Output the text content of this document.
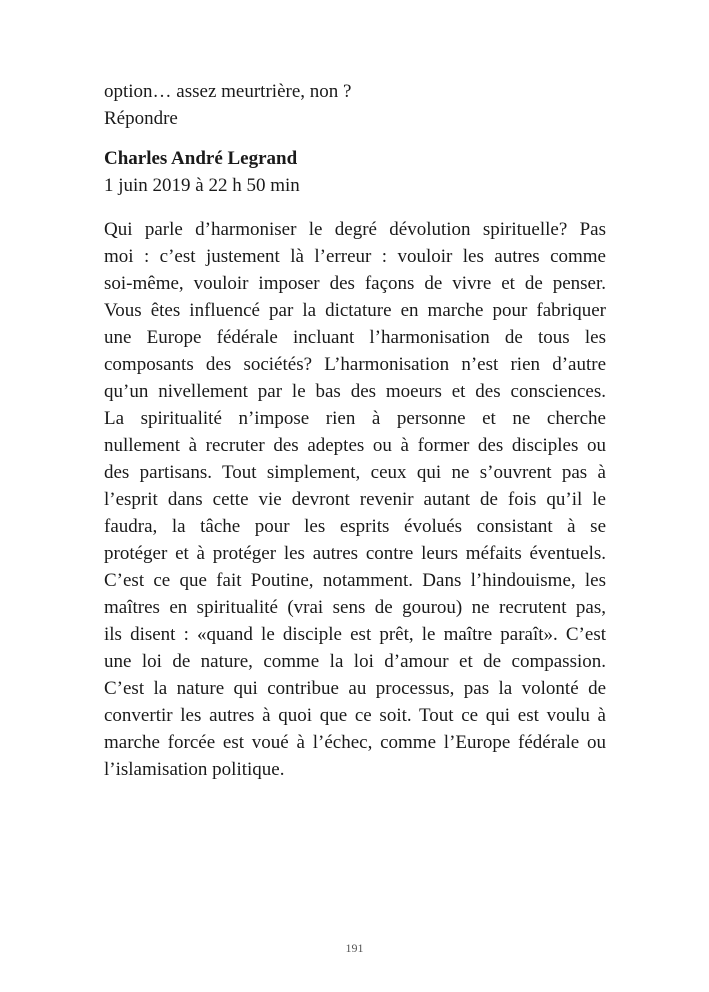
option… assez meurtrière, non ?
Répondre
Charles André Legrand
1 juin 2019 à 22 h 50 min
Qui parle d’harmoniser le degré dévolution spirituelle? Pas
moi : c’est justement là l’erreur : vouloir les autres comme
soi-même, vouloir imposer des façons de vivre et de penser.
Vous êtes influencé par la dictature en marche pour fabriquer
une Europe fédérale incluant l’harmonisation de tous les
composants des sociétés? L’harmonisation n’est rien d’autre
qu’un nivellement par le bas des moeurs et des consciences.
La spiritualité n’impose rien à personne et ne cherche
nullement à recruter des adeptes ou à former des disciples ou
des partisans. Tout simplement, ceux qui ne s’ouvrent pas à
l’esprit dans cette vie devront revenir autant de fois qu’il le
faudra, la tâche pour les esprits évolués consistant à se
protéger et à protéger les autres contre leurs méfaits éventuels.
C’est ce que fait Poutine, notamment. Dans l’hindouisme, les
maîtres en spiritualité (vrai sens de gourou) ne recrutent pas,
ils disent : «quand le disciple est prêt, le maître paraît». C’est
une loi de nature, comme la loi d’amour et de compassion.
C’est la nature qui contribue au processus, pas la volonté de
convertir les autres à quoi que ce soit. Tout ce qui est voulu à
marche forcée est voué à l’échec, comme l’Europe fédérale ou
l’islamisation politique.
191
